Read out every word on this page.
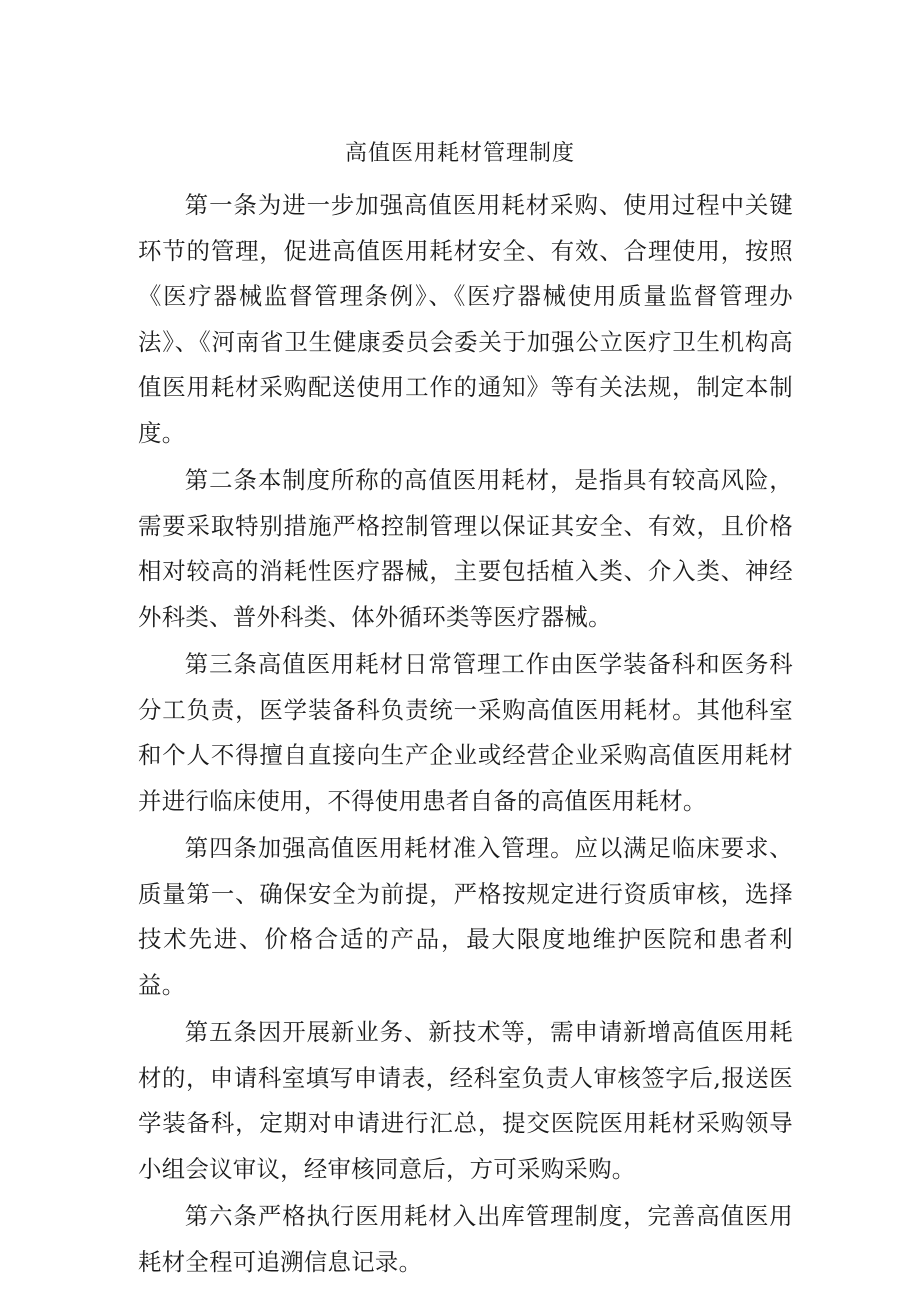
高值医用耗材管理制度

第一条为进一步加强高值医用耗材采购、使用过程中关键环节的管理，促进高值医用耗材安全、有效、合理使用，按照《医疗器械监督管理条例》、《医疗器械使用质量监督管理办法》、《河南省卫生健康委员会委关于加强公立医疗卫生机构高值医用耗材采购配送使用工作的通知》等有关法规，制定本制度。

第二条本制度所称的高值医用耗材，是指具有较高风险，需要采取特别措施严格控制管理以保证其安全、有效，且价格相对较高的消耗性医疗器械，主要包括植入类、介入类、神经外科类、普外科类、体外循环类等医疗器械。

第三条高值医用耗材日常管理工作由医学装备科和医务科分工负责，医学装备科负责统一采购高值医用耗材。其他科室和个人不得擅自直接向生产企业或经营企业采购高值医用耗材并进行临床使用，不得使用患者自备的高值医用耗材。

第四条加强高值医用耗材准入管理。应以满足临床要求、质量第一、确保安全为前提，严格按规定进行资质审核，选择技术先进、价格合适的产品，最大限度地维护医院和患者利益。

第五条因开展新业务、新技术等，需申请新增高值医用耗材的，申请科室填写申请表，经科室负责人审核签字后,报送医学装备科，定期对申请进行汇总，提交医院医用耗材采购领导小组会议审议，经审核同意后，方可采购采购。

第六条严格执行医用耗材入出库管理制度，完善高值医用耗材全程可追溯信息记录。
